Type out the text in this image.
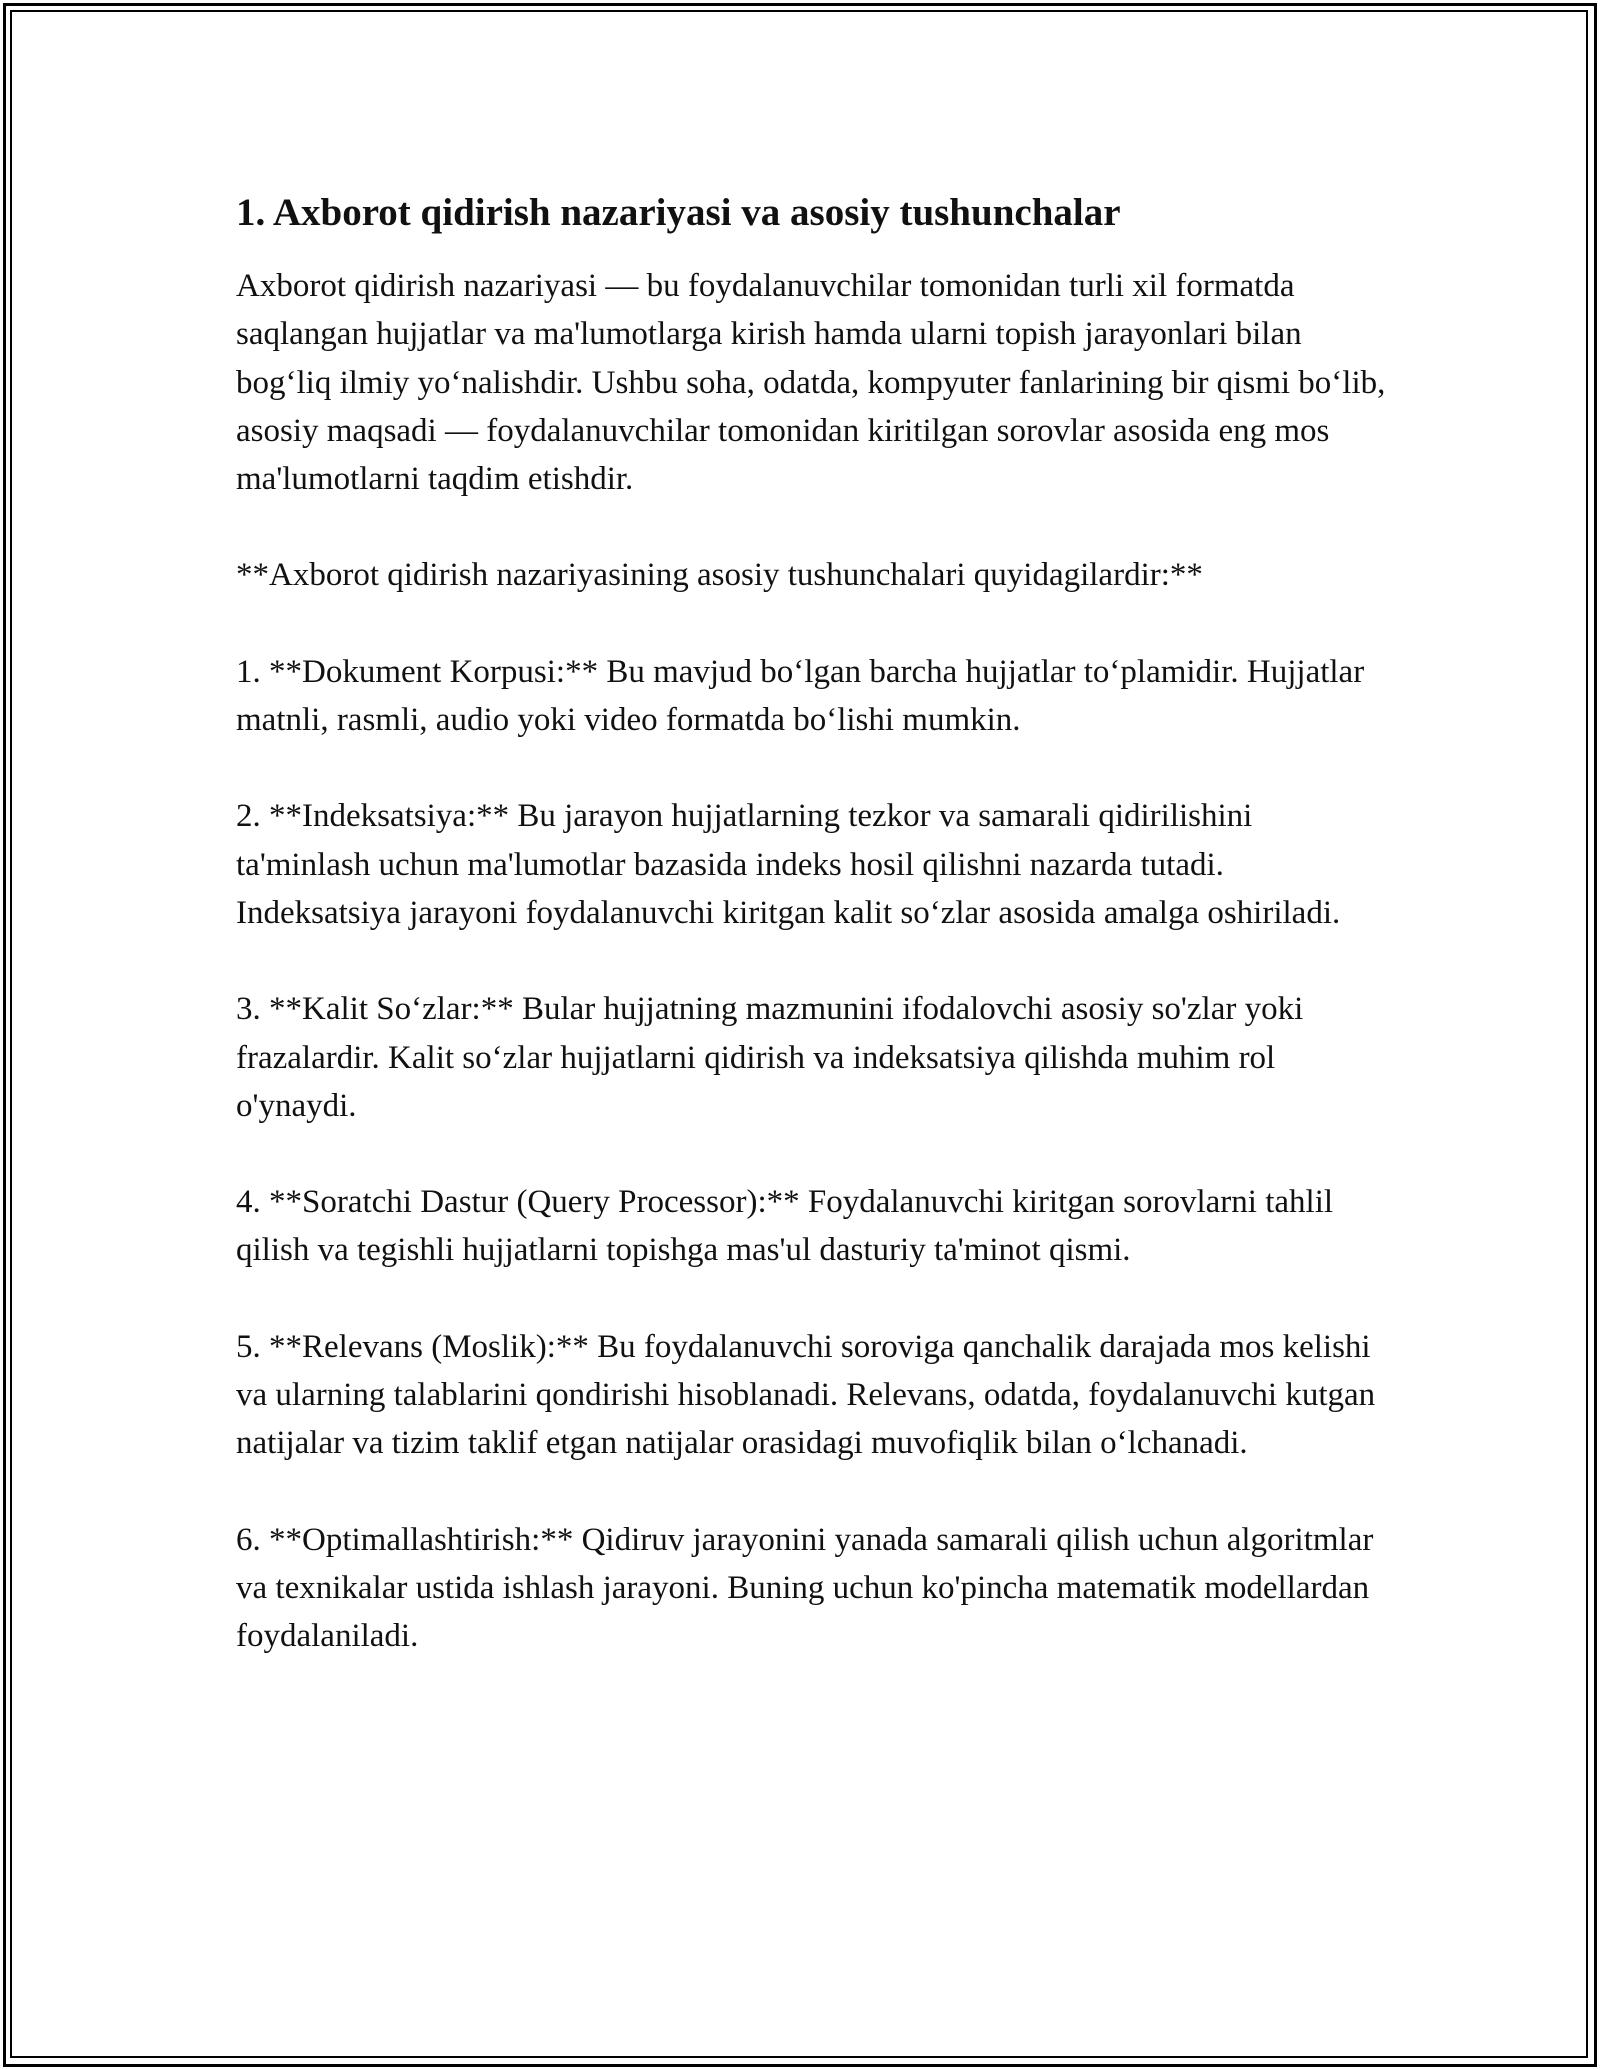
1. Axborot qidirish nazariyasi va asosiy tushunchalar

Axborot qidirish nazariyasi — bu foydalanuvchilar tomonidan turli xil formatda saqlangan hujjatlar va ma'lumotlarga kirish hamda ularni topish jarayonlari bilan bog‘liq ilmiy yo‘nalishdir. Ushbu soha, odatda, kompyuter fanlarining bir qismi bo‘lib, asosiy maqsadi — foydalanuvchilar tomonidan kiritilgan sorovlar asosida eng mos ma'lumotlarni taqdim etishdir.

**Axborot qidirish nazariyasining asosiy tushunchalari quyidagilardir:**

1. **Dokument Korpusi:** Bu mavjud bo‘lgan barcha hujjatlar to‘plamidir. Hujjatlar matnli, rasmli, audio yoki video formatda bo‘lishi mumkin.

2. **Indeksatsiya:** Bu jarayon hujjatlarning tezkor va samarali qidirilishini ta'minlash uchun ma'lumotlar bazasida indeks hosil qilishni nazarda tutadi. Indeksatsiya jarayoni foydalanuvchi kiritgan kalit so‘zlar asosida amalga oshiriladi.

3. **Kalit So‘zlar:** Bular hujjatning mazmunini ifodalovchi asosiy so'zlar yoki frazalardir. Kalit so‘zlar hujjatlarni qidirish va indeksatsiya qilishda muhim rol o'ynaydi.

4. **Soratchi Dastur (Query Processor):** Foydalanuvchi kiritgan sorovlarni tahlil qilish va tegishli hujjatlarni topishga mas'ul dasturiy ta'minot qismi.

5. **Relevans (Moslik):** Bu foydalanuvchi soroviga qanchalik darajada mos kelishi va ularning talablarini qondirishi hisoblanadi. Relevans, odatda, foydalanuvchi kutgan natijalar va tizim taklif etgan natijalar orasidagi muvofiqlik bilan o‘lchanadi.

6. **Optimallashtirish:** Qidiruv jarayonini yanada samarali qilish uchun algoritmlar va texnikalar ustida ishlash jarayoni. Buning uchun ko'pincha matematik modellardan foydalaniladi.
